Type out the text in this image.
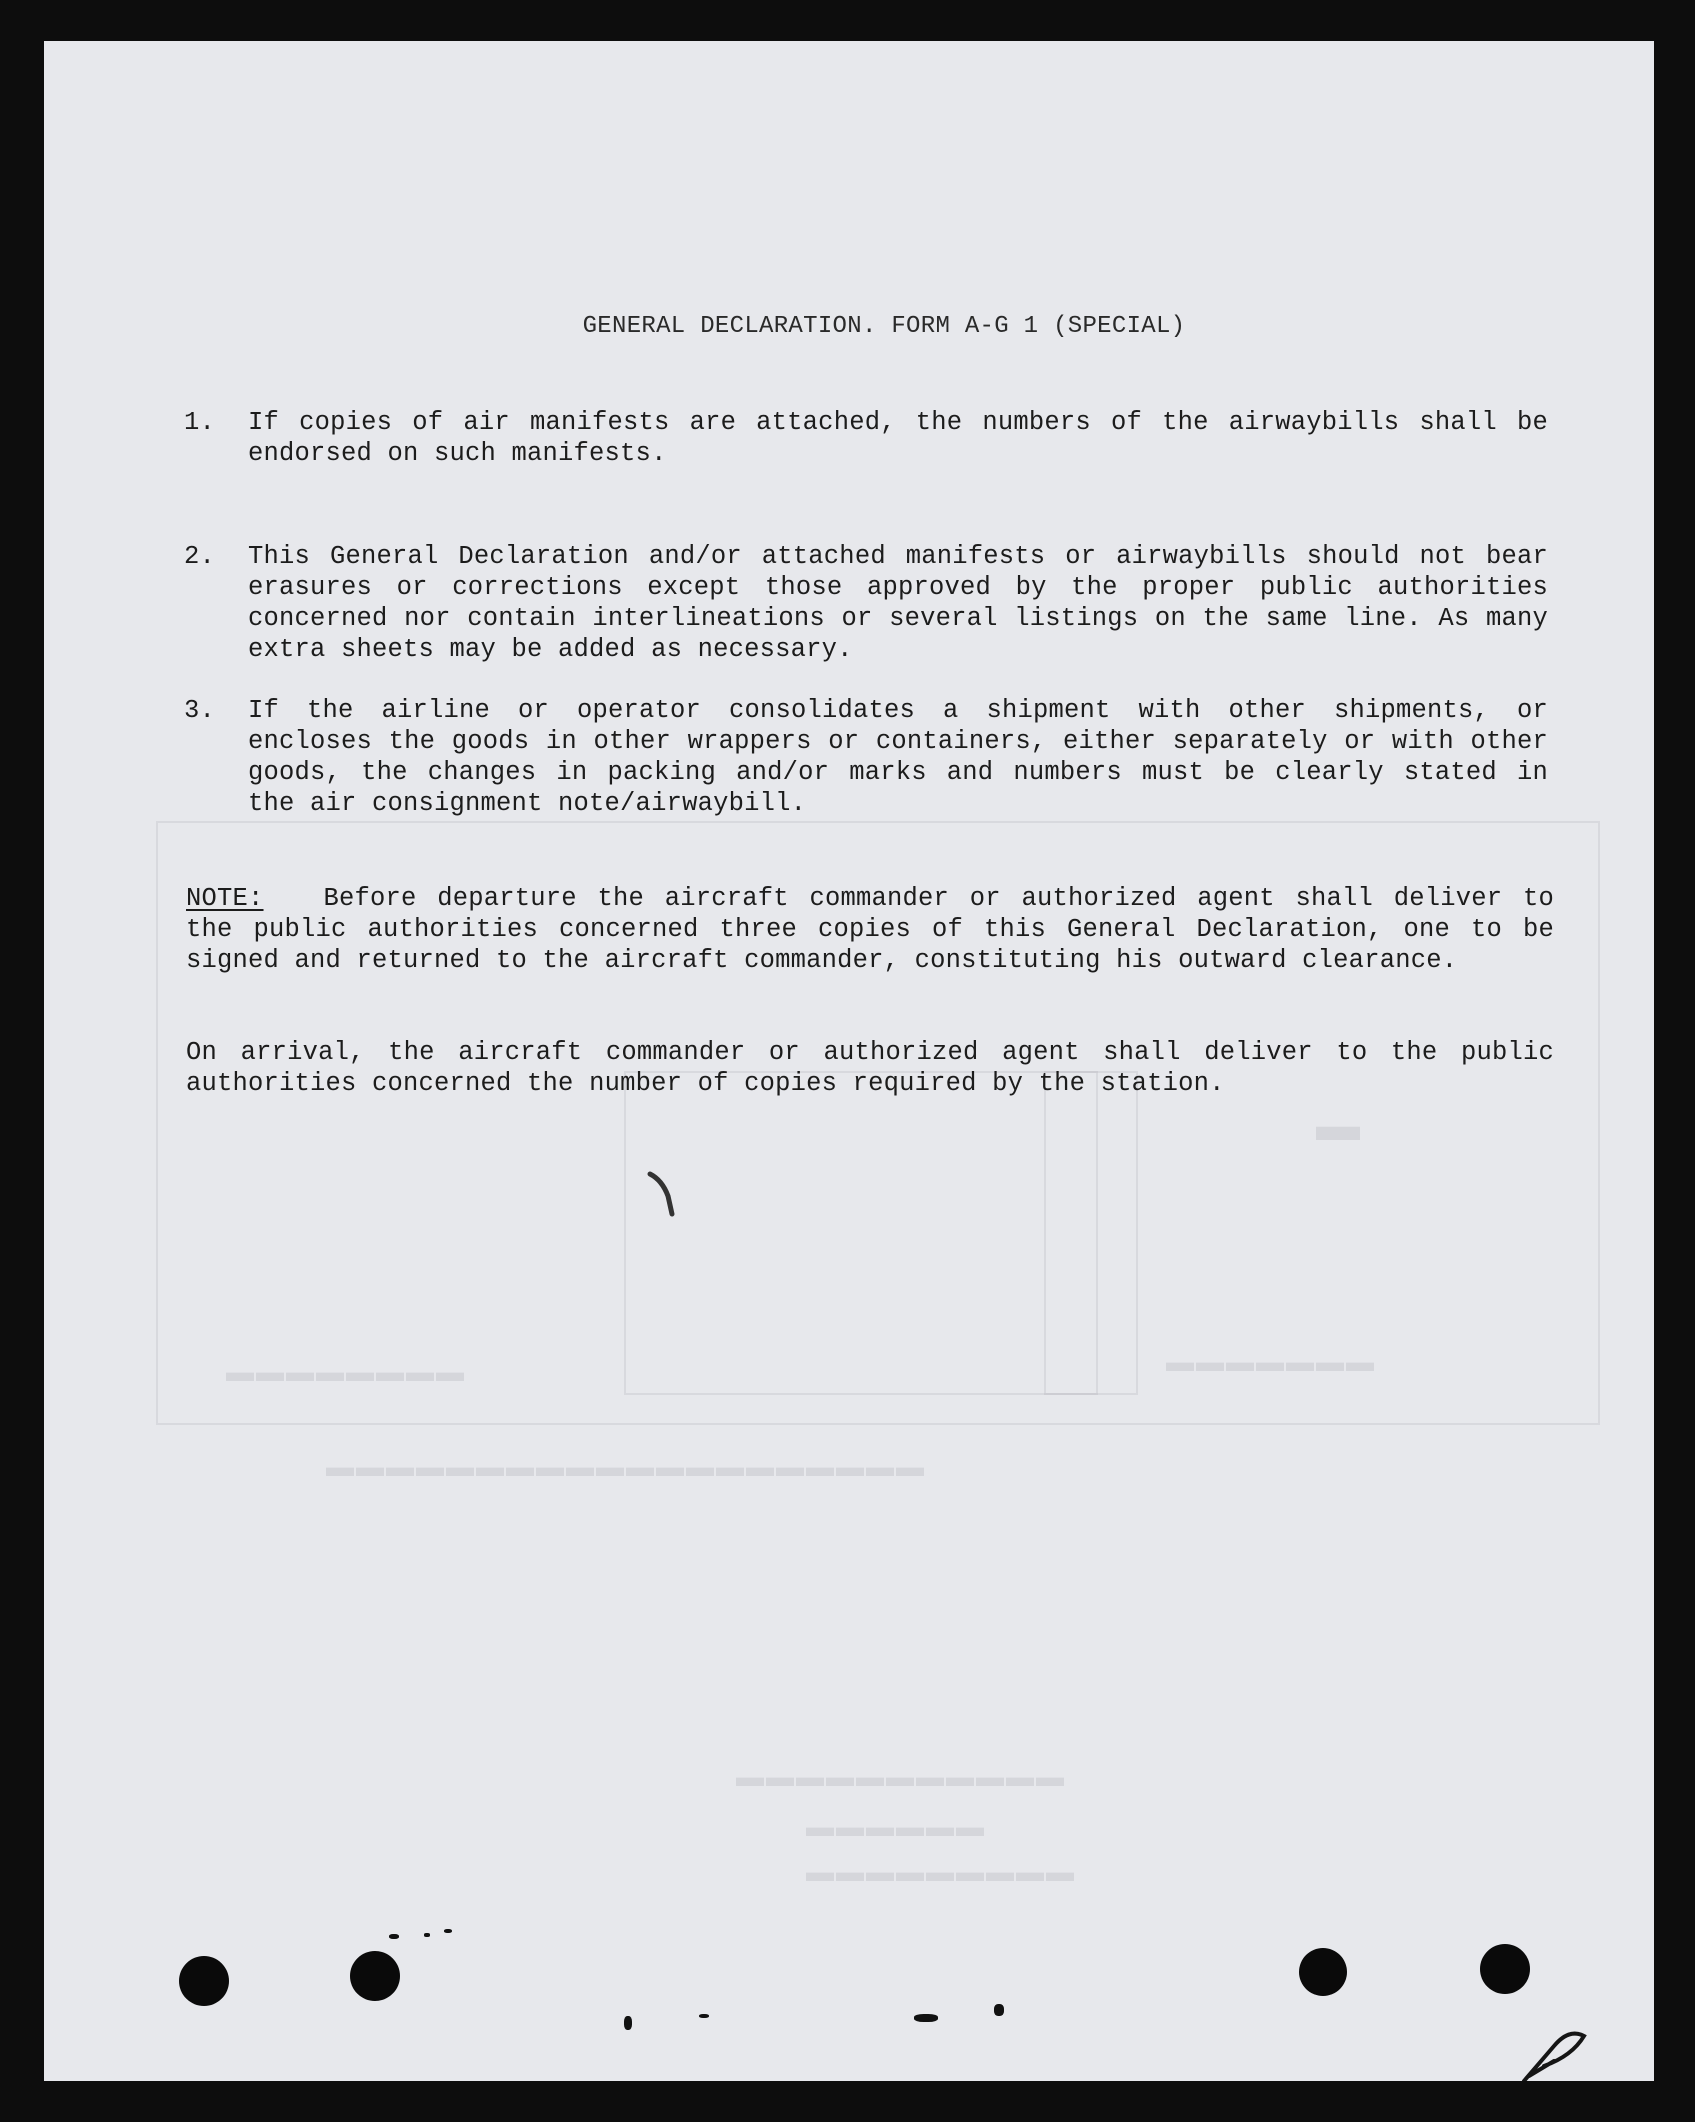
▬▬▬▬▬▬▬▬	▬▬▬▬▬▬▬
▬▬▬▬▬▬▬▬▬▬▬▬▬▬▬▬▬▬▬▬
▬▬▬▬▬▬▬▬▬▬▬
▬▬▬▬▬▬
▬▬▬▬▬▬▬▬▬
▬
GENERAL DECLARATION. FORM A-G 1 (SPECIAL)
1.	If copies of air manifests are attached, the numbers of the airwaybills shall be endorsed on such manifests.
2.	This General Declaration and/or attached manifests or airwaybills should not bear erasures or corrections except those approved by the proper public authorities concerned nor contain interlineations or several listings on the same line. As many extra sheets may be added as necessary.
3.	If the airline or operator consolidates a shipment with other shipments, or encloses the goods in other wrappers or containers, either separately or with other goods, the changes in packing and/or marks and numbers must be clearly stated in the air consignment note/airwaybill.
NOTE: Before departure the aircraft commander or authorized agent shall deliver to the public authorities concerned three copies of this General Declaration, one to be signed and returned to the aircraft commander, constituting his outward clearance.
On arrival, the aircraft commander or authorized agent shall deliver to the public authorities concerned the number of copies required by the station.
